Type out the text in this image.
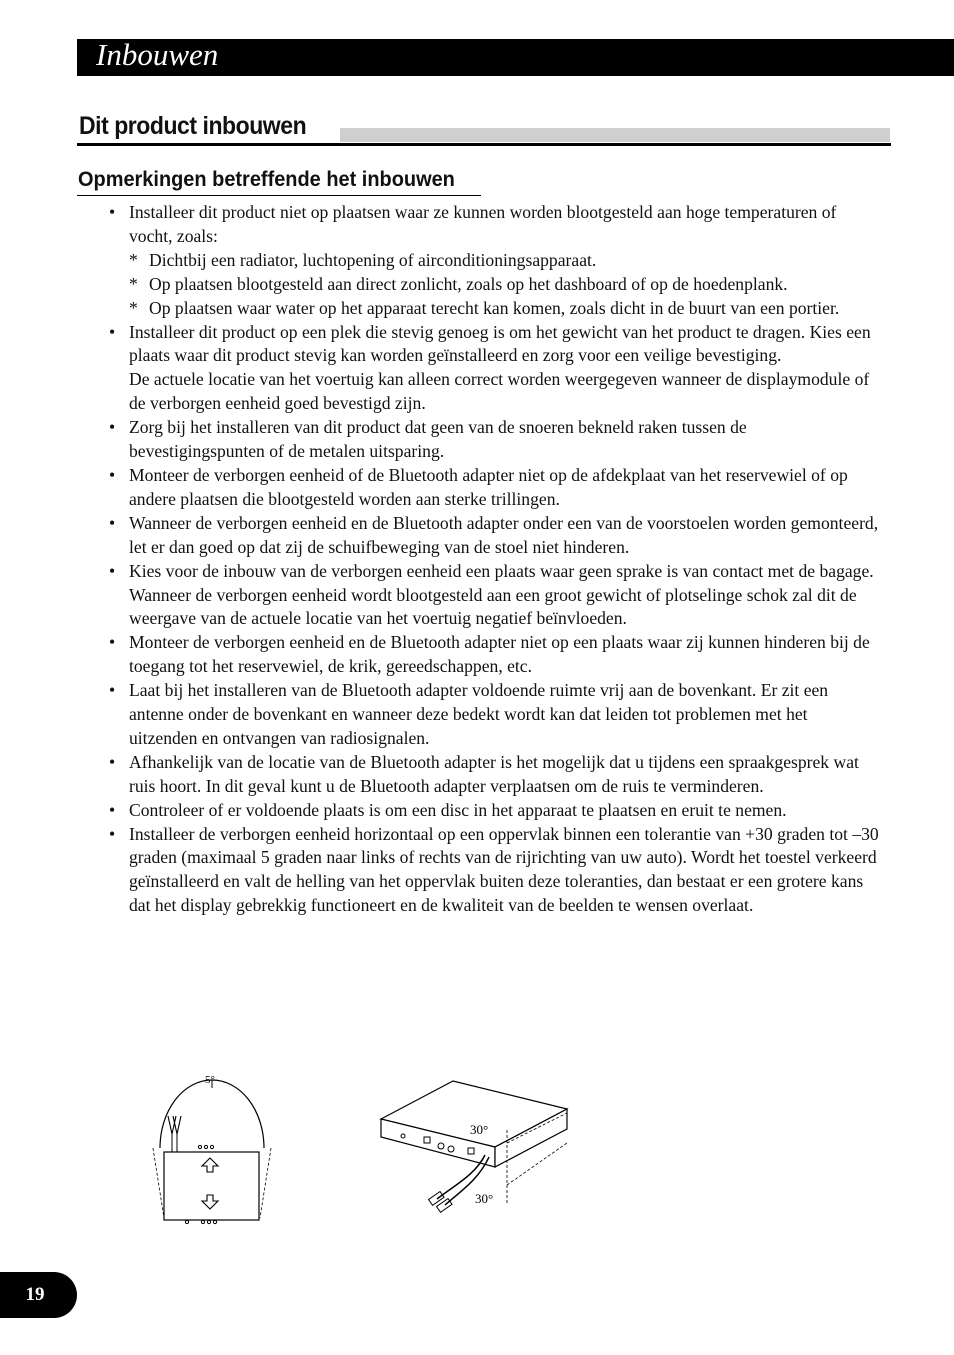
Inbouwen
Dit product inbouwen
Opmerkingen betreffende het inbouwen
• Installeer dit product niet op plaatsen waar ze kunnen worden blootgesteld aan hoge temperaturen of vocht, zoals:
* Dichtbij een radiator, luchtopening of airconditioningsapparaat.
* Op plaatsen blootgesteld aan direct zonlicht, zoals op het dashboard of op de hoedenplank.
* Op plaatsen waar water op het apparaat terecht kan komen, zoals dicht in de buurt van een portier.
• Installeer dit product op een plek die stevig genoeg is om het gewicht van het product te dragen. Kies een plaats waar dit product stevig kan worden geïnstalleerd en zorg voor een veilige bevestiging.
De actuele locatie van het voertuig kan alleen correct worden weergegeven wanneer de displaymodule of de verborgen eenheid goed bevestigd zijn.
• Zorg bij het installeren van dit product dat geen van de snoeren bekneld raken tussen de bevestigingspunten of de metalen uitsparing.
• Monteer de verborgen eenheid of de Bluetooth adapter niet op de afdekplaat van het reservewiel of op andere plaatsen die blootgesteld worden aan sterke trillingen.
• Wanneer de verborgen eenheid en de Bluetooth adapter onder een van de voorstoelen worden gemonteerd, let er dan goed op dat zij de schuifbeweging van de stoel niet hinderen.
• Kies voor de inbouw van de verborgen eenheid een plaats waar geen sprake is van contact met de bagage. Wanneer de verborgen eenheid wordt blootgesteld aan een groot gewicht of plotselinge schok zal dit de weergave van de actuele locatie van het voertuig negatief beïnvloeden.
• Monteer de verborgen eenheid en de Bluetooth adapter niet op een plaats waar zij kunnen hinderen bij de toegang tot het reservewiel, de krik, gereedschappen, etc.
• Laat bij het installeren van de Bluetooth adapter voldoende ruimte vrij aan de bovenkant. Er zit een antenne onder de bovenkant en wanneer deze bedekt wordt kan dat leiden tot problemen met het uitzenden en ontvangen van radiosignalen.
• Afhankelijk van de locatie van de Bluetooth adapter is het mogelijk dat u tijdens een spraakgesprek wat ruis hoort. In dit geval kunt u de Bluetooth adapter verplaatsen om de ruis te verminderen.
• Controleer of er voldoende plaats is om een disc in het apparaat te plaatsen en eruit te nemen.
• Installeer de verborgen eenheid horizontaal op een oppervlak binnen een tolerantie van +30 graden tot –30 graden (maximaal 5 graden naar links of rechts van de rijrichting van uw auto). Wordt het toestel verkeerd geïnstalleerd en valt de helling van het oppervlak buiten deze toleranties, dan bestaat er een grotere kans dat het display gebrekkig functioneert en de kwaliteit van de beelden te wensen overlaat.
5°
30°
30°
19
